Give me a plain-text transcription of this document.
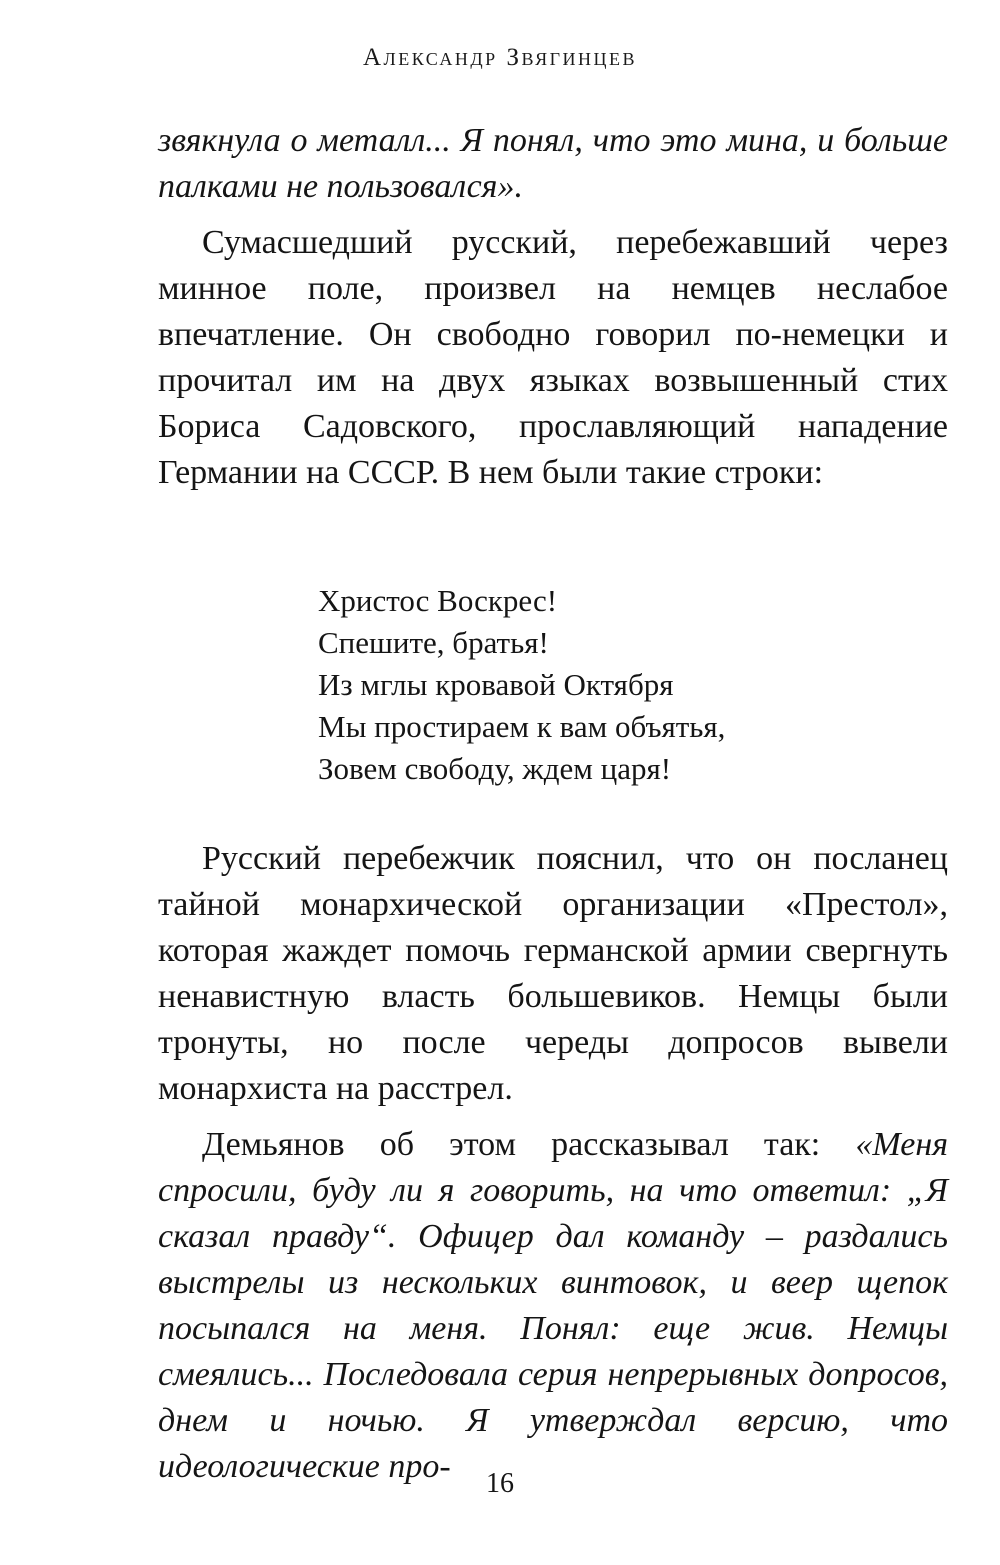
Александр Звягинцев

звякнула о металл... Я понял, что это мина, и больше палками не пользовался».

Сумасшедший русский, перебежавший через минное поле, произвел на немцев неслабое впечатление. Он свободно говорил по-немецки и прочитал им на двух языках возвышенный стих Бориса Садовского, прославляющий нападение Германии на СССР. В нем были такие строки:

Христос Воскрес!
Спешите, братья!
Из мглы кровавой Октября
Мы простираем к вам объятья,
Зовем свободу, ждем царя!

Русский перебежчик пояснил, что он посланец тайной монархической организации «Престол», которая жаждет помочь германской армии свергнуть ненавистную власть большевиков. Немцы были тронуты, но после череды допросов вывели монархиста на расстрел.

Демьянов об этом рассказывал так: «Меня спросили, буду ли я говорить, на что ответил: „Я сказал правду“. Офицер дал команду – раздались выстрелы из нескольких винтовок, и веер щепок посыпался на меня. Понял: еще жив. Немцы смеялись... Последовала серия непрерывных допросов, днем и ночью. Я утверждал версию, что идеологические про-	16
